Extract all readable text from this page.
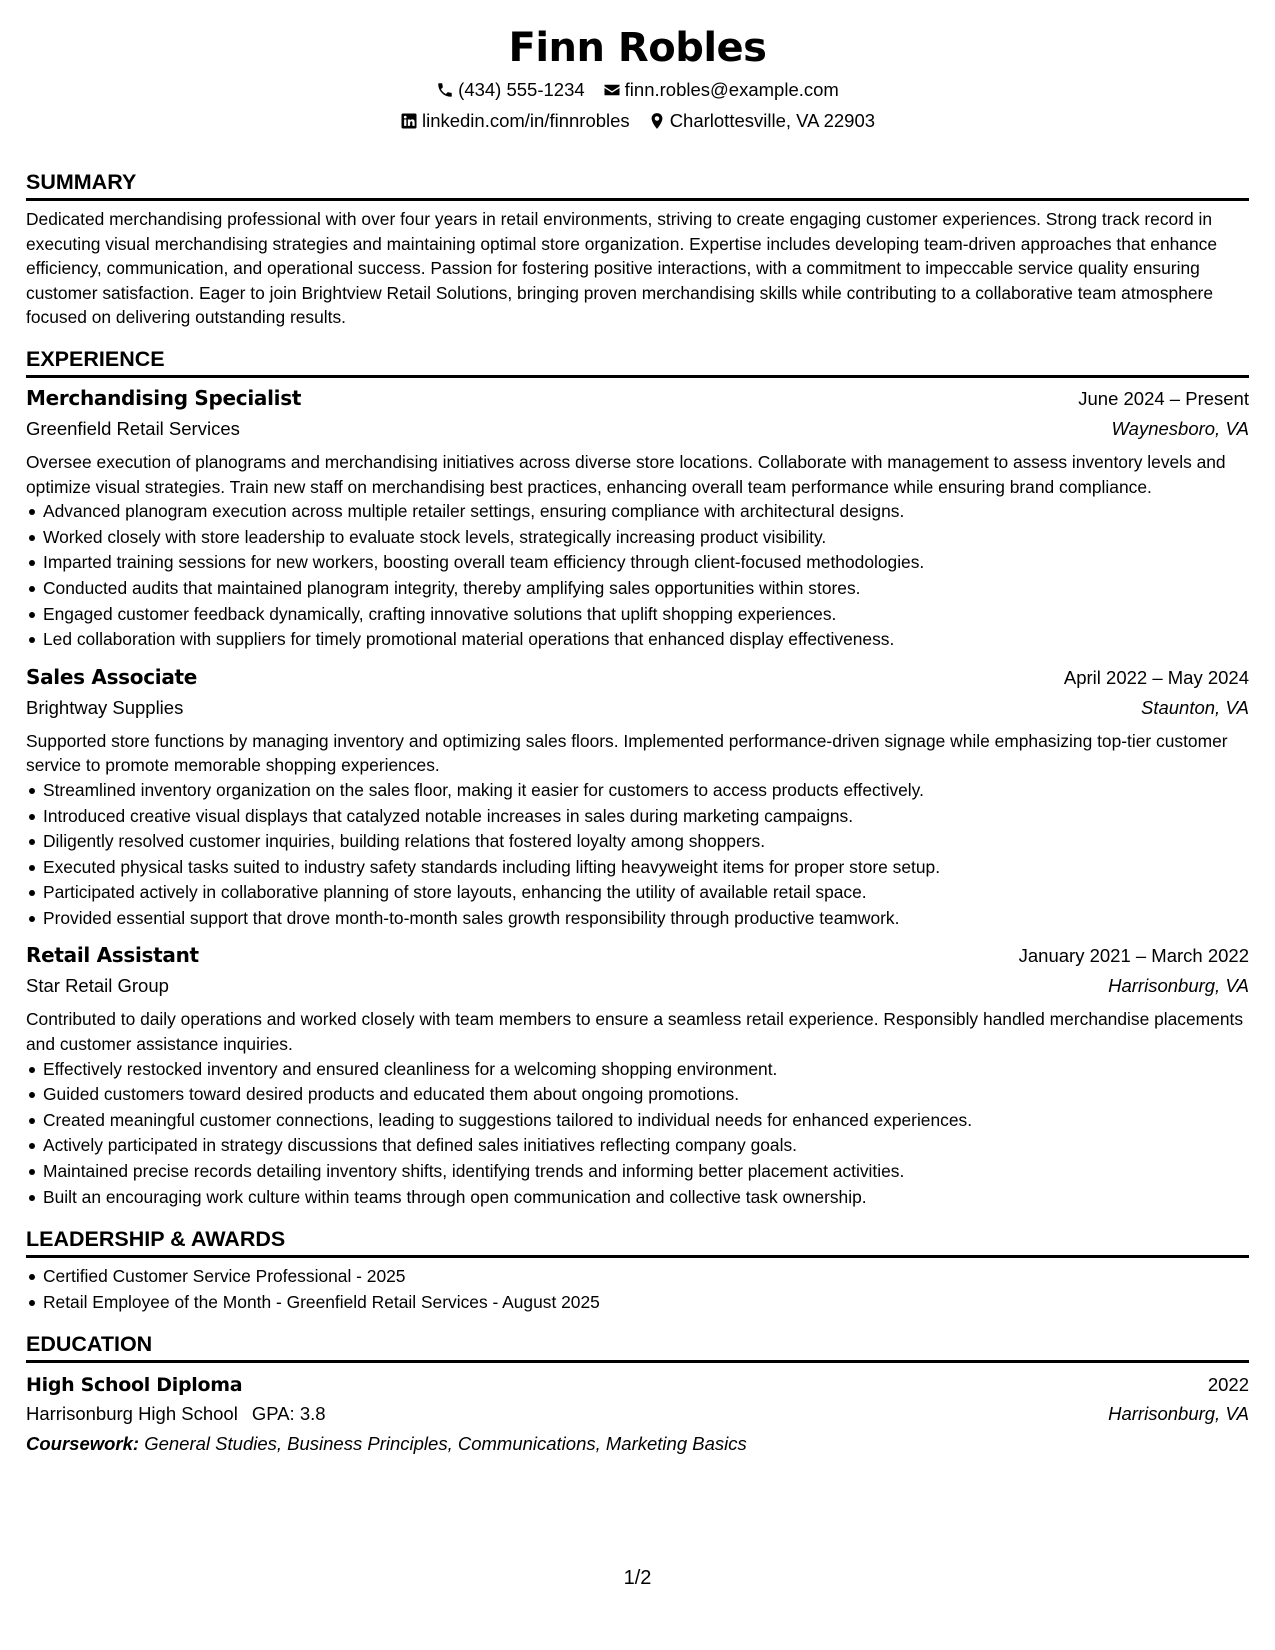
Finn Robles
(434) 555-1234 finn.robles@example.com
linkedin.com/in/finnrobles Charlottesville, VA 22903
SUMMARY
Dedicated merchandising professional with over four years in retail environments, striving to create engaging customer experiences. Strong track record in executing visual merchandising strategies and maintaining optimal store organization. Expertise includes developing team-driven approaches that enhance efficiency, communication, and operational success. Passion for fostering positive interactions, with a commitment to impeccable service quality ensuring customer satisfaction. Eager to join Brightview Retail Solutions, bringing proven merchandising skills while contributing to a collaborative team atmosphere focused on delivering outstanding results.
EXPERIENCE
Merchandising Specialist	June 2024 – Present
Greenfield Retail Services	Waynesboro, VA
Oversee execution of planograms and merchandising initiatives across diverse store locations. Collaborate with management to assess inventory levels and optimize visual strategies. Train new staff on merchandising best practices, enhancing overall team performance while ensuring brand compliance.
Advanced planogram execution across multiple retailer settings, ensuring compliance with architectural designs.
Worked closely with store leadership to evaluate stock levels, strategically increasing product visibility.
Imparted training sessions for new workers, boosting overall team efficiency through client-focused methodologies.
Conducted audits that maintained planogram integrity, thereby amplifying sales opportunities within stores.
Engaged customer feedback dynamically, crafting innovative solutions that uplift shopping experiences.
Led collaboration with suppliers for timely promotional material operations that enhanced display effectiveness.
Sales Associate	April 2022 – May 2024
Brightway Supplies	Staunton, VA
Supported store functions by managing inventory and optimizing sales floors. Implemented performance-driven signage while emphasizing top-tier customer service to promote memorable shopping experiences.
Streamlined inventory organization on the sales floor, making it easier for customers to access products effectively.
Introduced creative visual displays that catalyzed notable increases in sales during marketing campaigns.
Diligently resolved customer inquiries, building relations that fostered loyalty among shoppers.
Executed physical tasks suited to industry safety standards including lifting heavyweight items for proper store setup.
Participated actively in collaborative planning of store layouts, enhancing the utility of available retail space.
Provided essential support that drove month-to-month sales growth responsibility through productive teamwork.
Retail Assistant	January 2021 – March 2022
Star Retail Group	Harrisonburg, VA
Contributed to daily operations and worked closely with team members to ensure a seamless retail experience. Responsibly handled merchandise placements and customer assistance inquiries.
Effectively restocked inventory and ensured cleanliness for a welcoming shopping environment.
Guided customers toward desired products and educated them about ongoing promotions.
Created meaningful customer connections, leading to suggestions tailored to individual needs for enhanced experiences.
Actively participated in strategy discussions that defined sales initiatives reflecting company goals.
Maintained precise records detailing inventory shifts, identifying trends and informing better placement activities.
Built an encouraging work culture within teams through open communication and collective task ownership.
LEADERSHIP & AWARDS
Certified Customer Service Professional - 2025
Retail Employee of the Month - Greenfield Retail Services - August 2025
EDUCATION
High School Diploma	2022
Harrisonburg High School GPA: 3.8	Harrisonburg, VA
Coursework: General Studies, Business Principles, Communications, Marketing Basics
1/2
